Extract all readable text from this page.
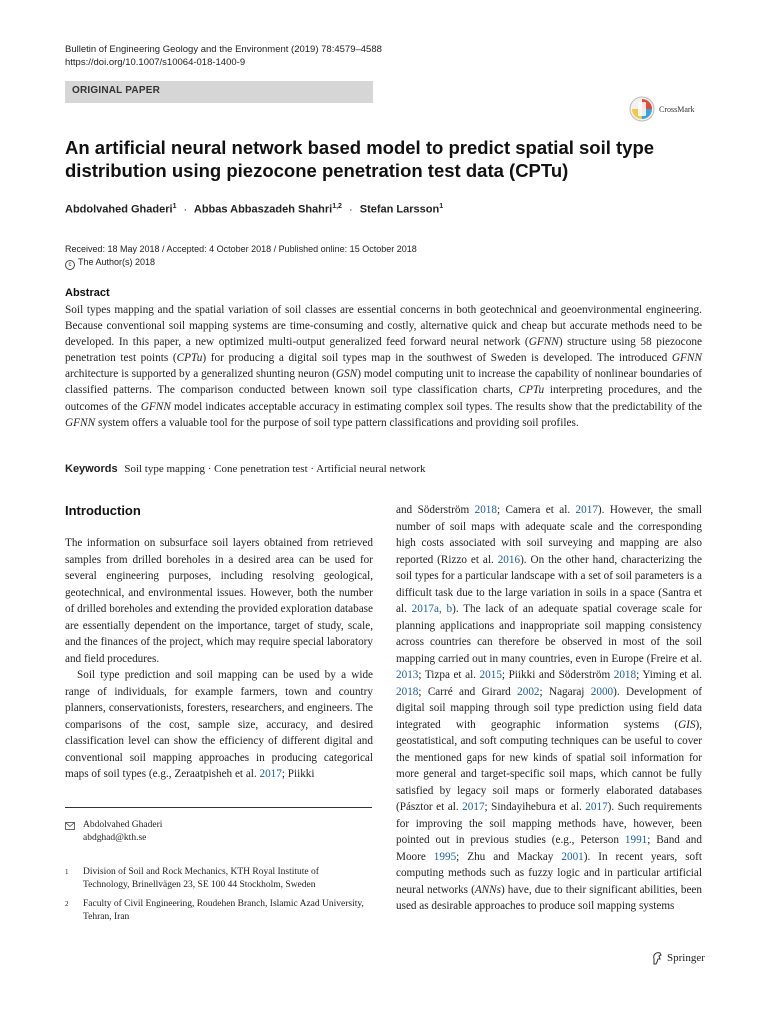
Bulletin of Engineering Geology and the Environment (2019) 78:4579–4588
https://doi.org/10.1007/s10064-018-1400-9
ORIGINAL PAPER
CrossMark
An artificial neural network based model to predict spatial soil type distribution using piezocone penetration test data (CPTu)
Abdolvahed Ghaderi$^1$ · Abbas Abbaszadeh Shahri$^{1,2}$ · Stefan Larsson$^1$
Received: 18 May 2018 / Accepted: 4 October 2018 / Published online: 15 October 2018
c The Author(s) 2018
Abstract
Soil types mapping and the spatial variation of soil classes are essential concerns in both geotechnical and geoenvironmental engineering. Because conventional soil mapping systems are time-consuming and costly, alternative quick and cheap but accurate methods need to be developed. In this paper, a new optimized multi-output generalized feed forward neural network (GFNN) structure using 58 piezocone penetration test points (CPTu) for producing a digital soil types map in the southwest of Sweden is developed. The introduced GFNN architecture is supported by a generalized shunting neuron (GSN) model computing unit to increase the capability of nonlinear boundaries of classified patterns. The comparison conducted between known soil type classification charts, CPTu interpreting procedures, and the outcomes of the GFNN model indicates acceptable accuracy in estimating complex soil types. The results show that the predictability of the GFNN system offers a valuable tool for the purpose of soil type pattern classifications and providing soil profiles.
Keywords Soil type mapping · Cone penetration test · Artificial neural network
Introduction

The information on subsurface soil layers obtained from retrieved samples from drilled boreholes in a desired area can be used for several engineering purposes, including resolving geological, geotechnical, and environmental issues. However, both the number of drilled boreholes and extending the provided exploration database are essentially dependent on the importance, target of study, scale, and the finances of the project, which may require special laboratory and field procedures.

Soil type prediction and soil mapping can be used by a wide range of individuals, for example farmers, town and country planners, conservationists, foresters, researchers, and engineers. The comparisons of the cost, sample size, accuracy, and desired classification level can show the efficiency of different digital and conventional soil mapping approaches in producing categorical maps of soil types (e.g., Zeraatpisheh et al. 2017; Piikki

and Söderström 2018; Camera et al. 2017). However, the small number of soil maps with adequate scale and the corresponding high costs associated with soil surveying and mapping are also reported (Rizzo et al. 2016). On the other hand, characterizing the soil types for a particular landscape with a set of soil parameters is a difficult task due to the large variation in soils in a space (Santra et al. 2017a, b). The lack of an adequate spatial coverage scale for planning applications and inappropriate soil mapping consistency across countries can therefore be observed in most of the soil mapping carried out in many countries, even in Europe (Freire et al. 2013; Tizpa et al. 2015; Piikki and Söderström 2018; Yiming et al. 2018; Carré and Girard 2002; Nagaraj 2000). Development of digital soil mapping through soil type prediction using field data integrated with geographic information systems (GIS), geostatistical, and soft computing techniques can be useful to cover the mentioned gaps for new kinds of spatial soil information for more general and target-specific soil maps, which cannot be fully satisfied by legacy soil maps or formerly elaborated databases (Pásztor et al. 2017; Sindayihebura et al. 2017). Such requirements for improving the soil mapping methods have, however, been pointed out in previous studies (e.g., Peterson 1991; Band and Moore 1995; Zhu and Mackay 2001). In recent years, soft computing methods such as fuzzy logic and in particular artificial neural networks (ANNs) have, due to their significant abilities, been used as desirable approaches to produce soil mapping systems

Abdolvahed Ghaderi
abdghad@kth.se
1 Division of Soil and Rock Mechanics, KTH Royal Institute of Technology, Brinellvägen 23, SE 100 44 Stockholm, Sweden
2 Faculty of Civil Engineering, Roudehen Branch, Islamic Azad University, Tehran, Iran
Springer
